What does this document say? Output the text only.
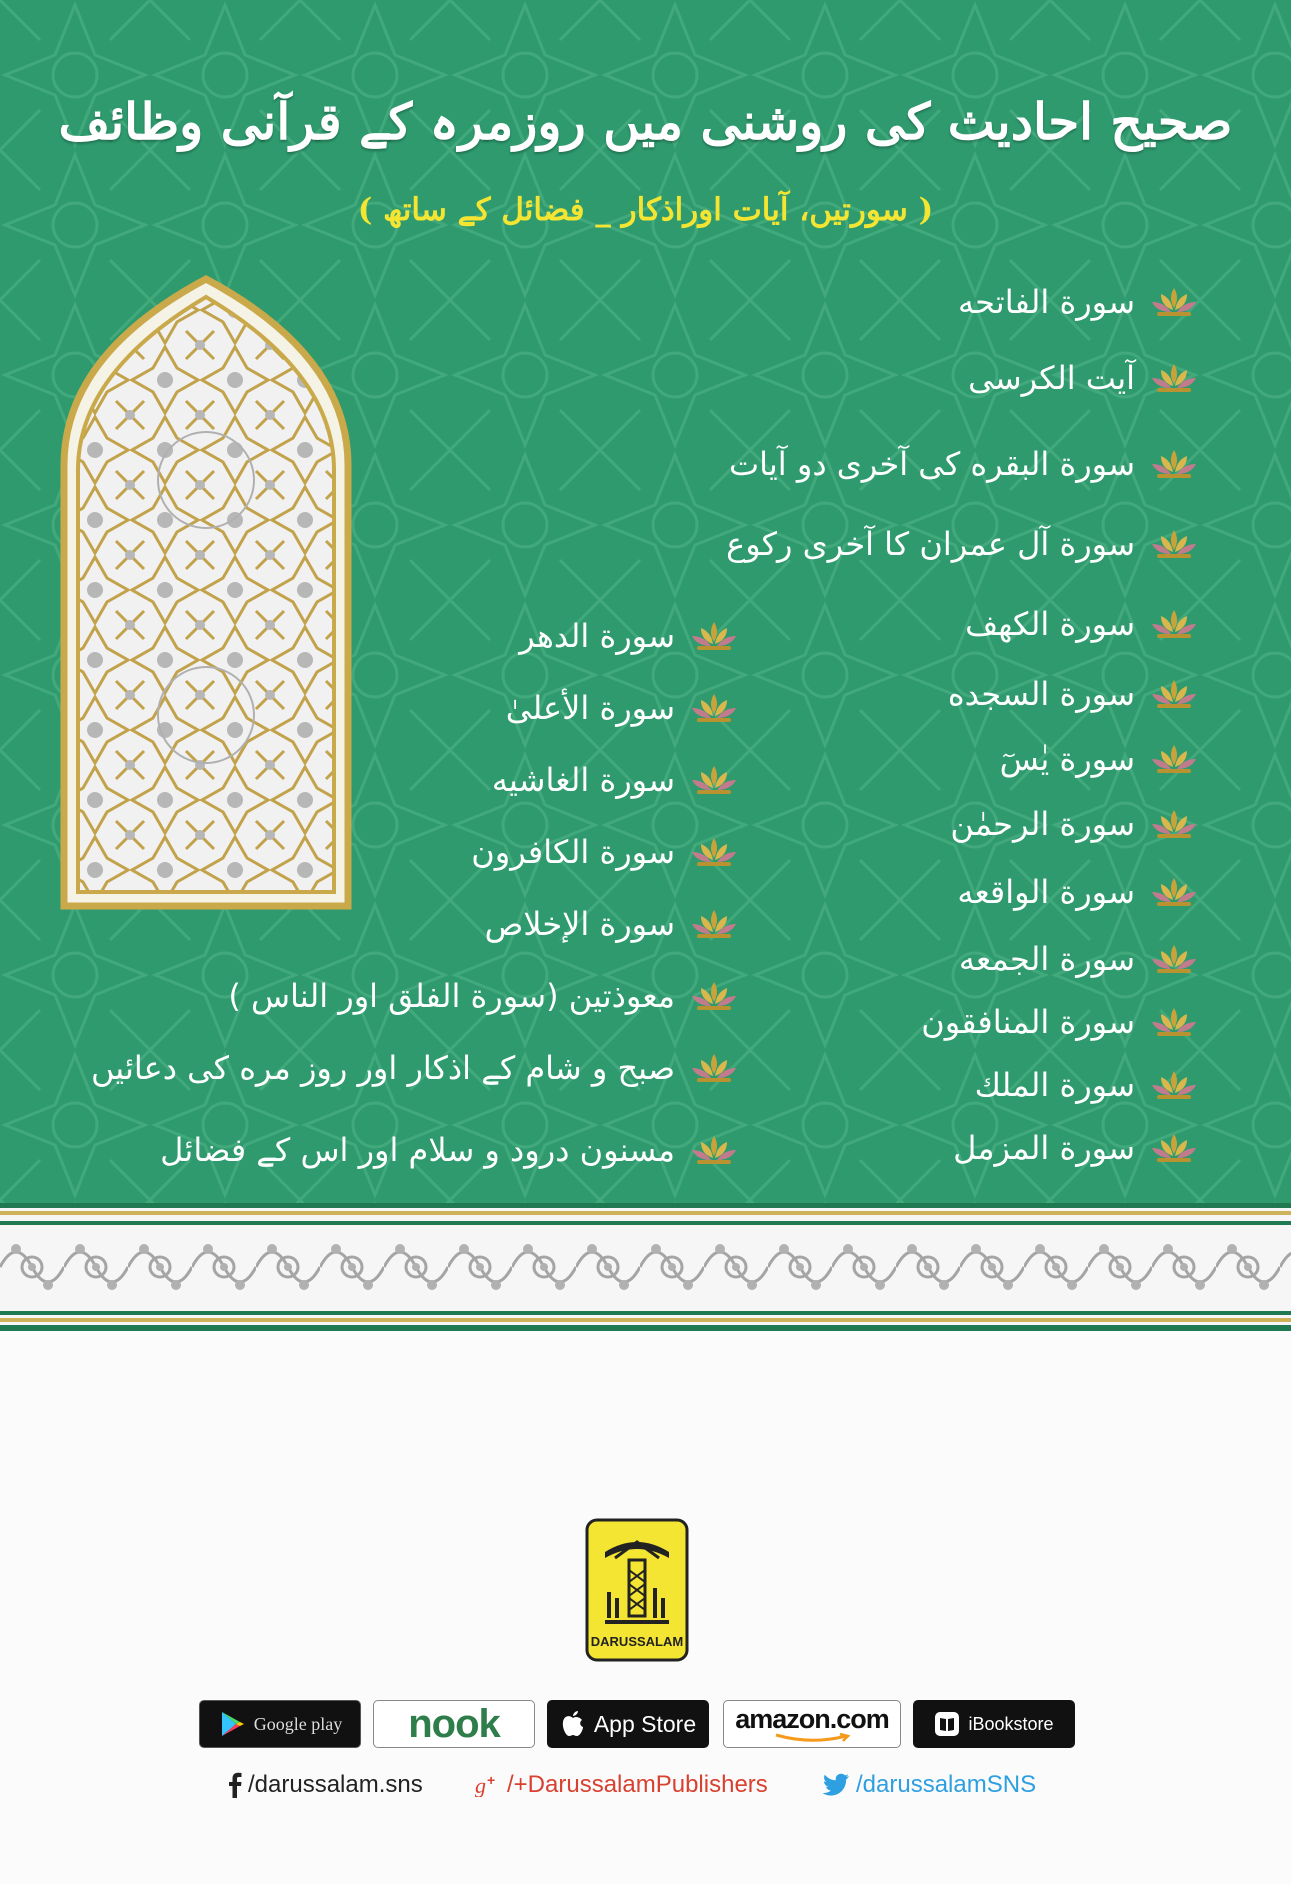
صحیح احادیث کی روشنی میں روزمرہ کے قرآنی وظائف
( سورتیں، آیات اوراذکار _ فضائل کے ساتھ )
سورة الفاتحه
آیت الکرسی
سورة البقره کی آخری دو آیات
سورة آل عمران کا آخری رکوع
سورة الكهف
سورة السجده
سورة یٰسٓ
سورة الرحمٰن
سورة الواقعه
سورة الجمعه
سورة المنافقون
سورة الملك
سورة المزمل
سورة الدهر
سورة الأعلىٰ
سورة الغاشيه
سورة الكافرون
سورة الإخلاص
معوذتین (سورة الفلق اور الناس )
صبح و شام کے اذکار اور روز مره کی دعائیں
مسنون درود و سلام اور اس کے فضائل
DARUSSALAM
Google play nook	App Store amazon.com	iBookstore
/darussalam.sns g + /+DarussalamPublishers	/darussalamSNS
